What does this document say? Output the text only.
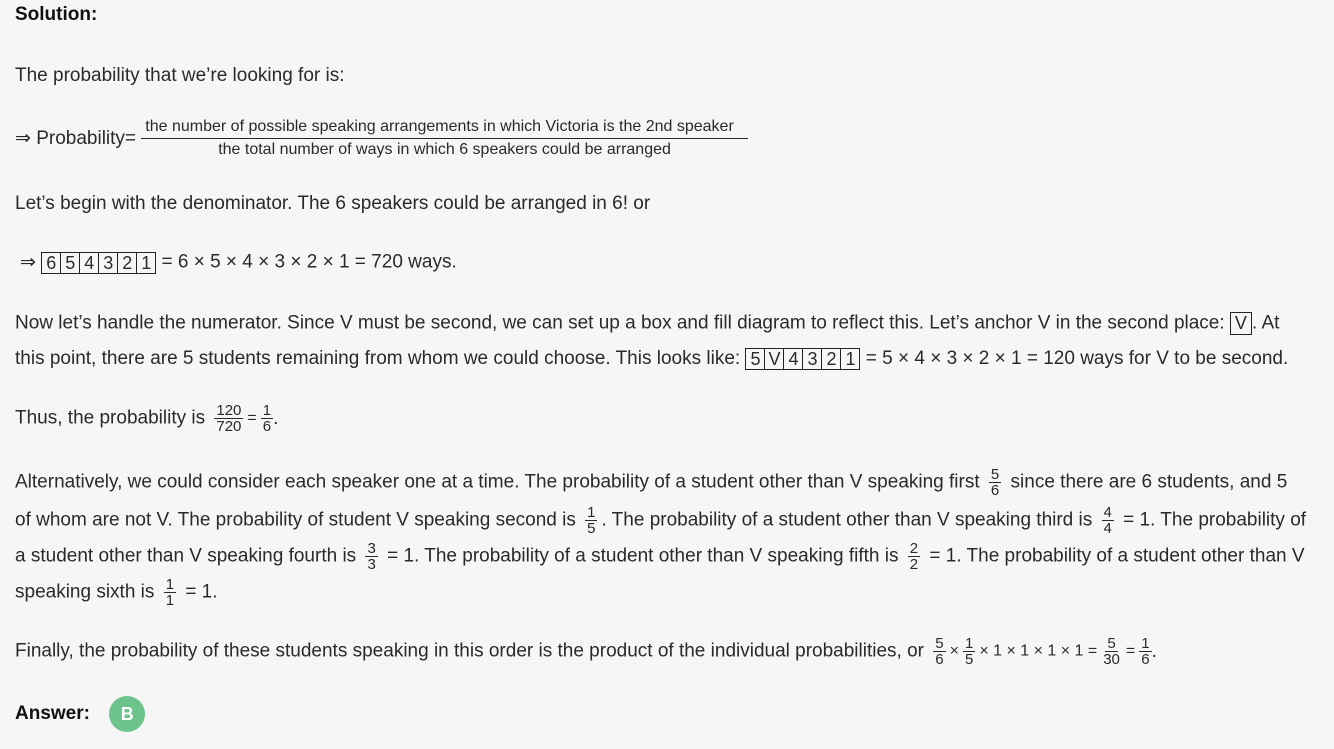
Solution:
The probability that we’re looking for is:
⇒ Probability=
the number of possible speaking arrangements in which Victoria is the 2nd speaker
the total number of ways in which 6 speakers could be arranged
Let’s begin with the denominator. The 6 speakers could be arranged in 6! or
⇒ 6 5 4 3 2 1 = 6 × 5 × 4 × 3 × 2 × 1 = 720 ways.
Now let’s handle the numerator. Since V must be second, we can set up a box and fill diagram to reflect this. Let’s anchor V in the second place: V . At
this point, there are 5 students remaining from whom we could choose. This looks like: 5 V 4 3 2 1 = 5 × 4 × 3 × 2 × 1 = 120 ways for V to be second.
Thus, the probability is $\frac{120}{720} = \frac{1}{6}$ .
Alternatively, we could consider each speaker one at a time. The probability of a student other than V speaking first $\frac{5}{6}$ since there are 6 students, and 5
of whom are not V. The probability of student V speaking second is $\frac{1}{5}$ . The probability of a student other than V speaking third is $\frac{4}{4} = 1$. The probability of
a student other than V speaking fourth is $\frac{3}{3} = 1$. The probability of a student other than V speaking fifth is $\frac{2}{2} = 1$. The probability of a student other than V
speaking sixth is $\frac{1}{1} = 1$.
Finally, the probability of these students speaking in this order is the product of the individual probabilities, or $\frac{5}{6} \times \frac{1}{5} \times 1 \times 1 \times 1 \times 1 = \frac{5}{30} = \frac{1}{6}$ .
Answer: B
